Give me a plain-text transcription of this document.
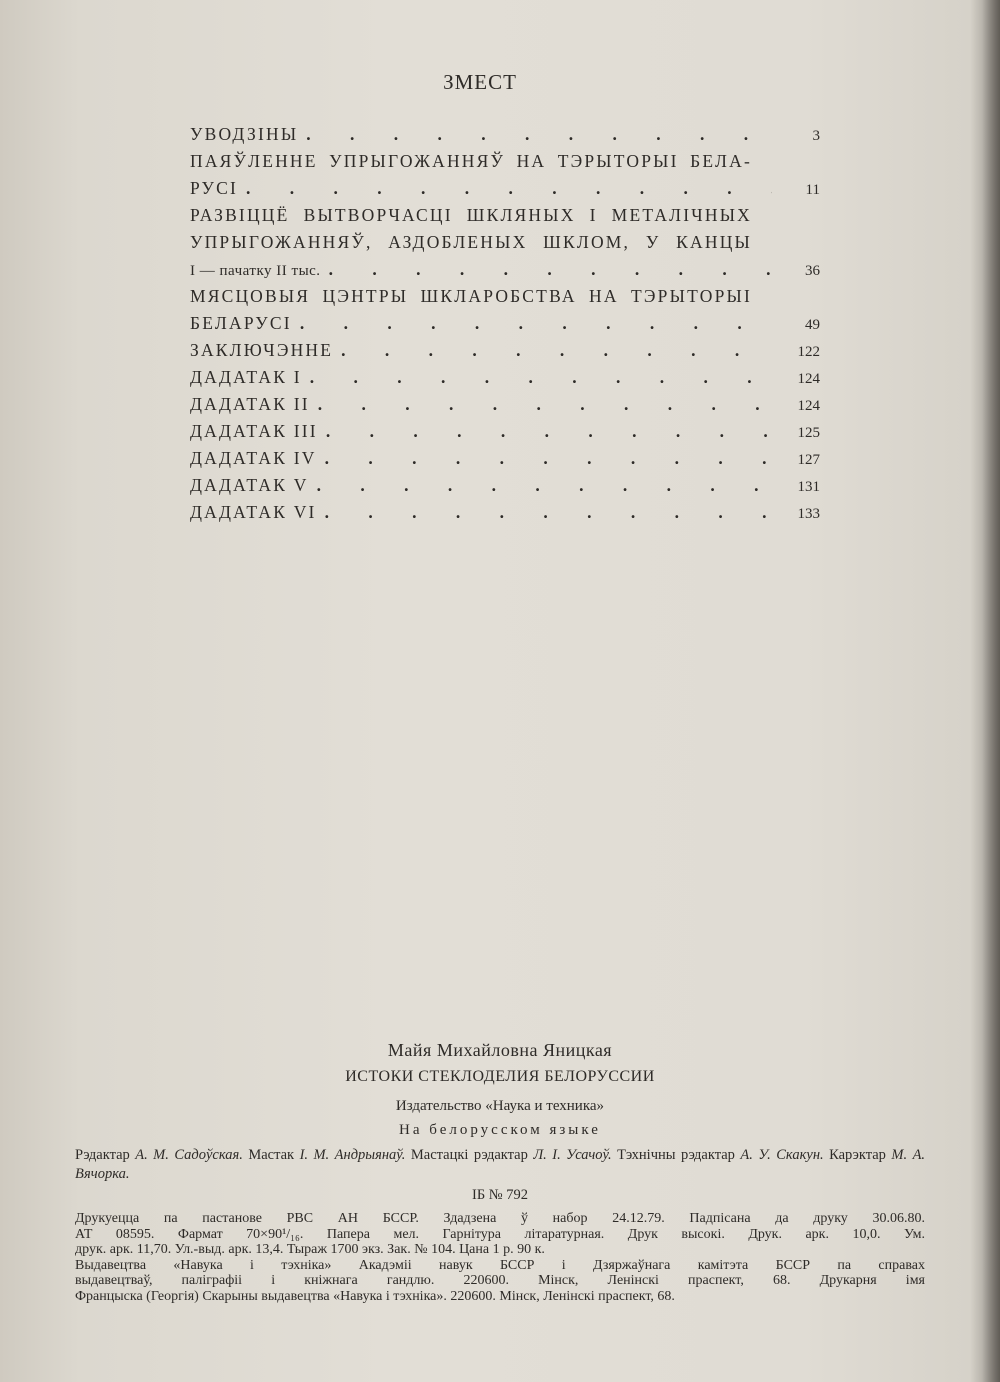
ЗМЕСТ
УВОДЗІНЫ .	3
ПАЯЎЛЕННЕ УПРЫГОЖАННЯЎ НА ТЭРЫТОРЫІ БЕЛА-
РУСІ .	11
РАЗВІЦЦЁ ВЫТВОРЧАСЦІ ШКЛЯНЫХ І МЕТАЛІЧНЫХ
УПРЫГОЖАННЯЎ, АЗДОБЛЕНЫХ ШКЛОМ, У КАНЦЫ
І — пачатку ІІ тыс. .	36
МЯСЦОВЫЯ ЦЭНТРЫ ШКЛАРОБСТВА НА ТЭРЫТОРЫІ
БЕЛАРУСІ .	49
ЗАКЛЮЧЭННЕ .	122
ДАДАТАК І .	124
ДАДАТАК ІІ .	124
ДАДАТАК ІІІ .	125
ДАДАТАК IV .	127
ДАДАТАК V .	131
ДАДАТАК VI .	133
Майя Михайловна Яницкая
ИСТОКИ СТЕКЛОДЕЛИЯ БЕЛОРУССИИ
Издательство «Наука и техника»
На белорусском языке
Рэдактар А. М. Садоўская. Мастак І. М. Андрыянаў. Мастацкі рэдактар Л. І. Усачоў. Тэхнічны рэдактар А. У. Скакун. Карэктар М. А. Вячорка.
ІБ № 792
Друкуецца па пастанове РВС АН БССР. Здадзена ў набор 24.12.79. Падпісана да друку 30.06.80.
АТ 08595. Фармат 70×90¹/₁₆. Папера мел. Гарнітура літаратурная. Друк высокі. Друк. арк. 10,0. Ум.
друк. арк. 11,70. Ул.-выд. арк. 13,4. Тыраж 1700 экз. Зак. № 104. Цана 1 р. 90 к.
Выдавецтва «Навука і тэхніка» Акадэміі навук БССР і Дзяржаўнага камітэта БССР па справах
выдавецтваў, паліграфіі і кніжнага гандлю. 220600. Мінск, Ленінскі праспект, 68. Друкарня імя
Францыска (Георгія) Скарыны выдавецтва «Навука і тэхніка». 220600. Мінск, Ленінскі праспект, 68.
